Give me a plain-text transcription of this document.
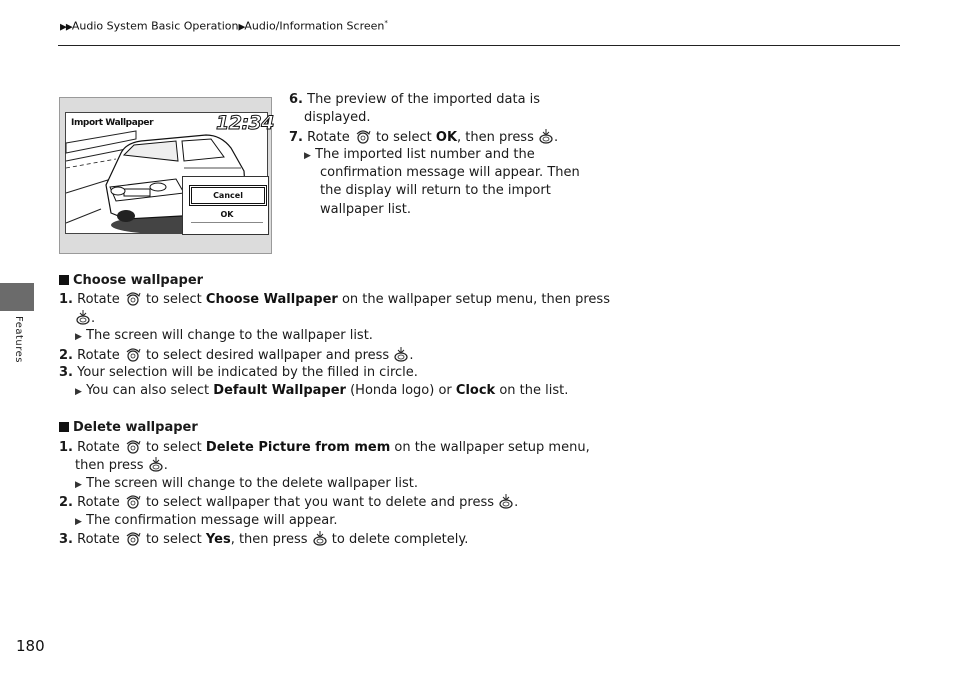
▶▶Audio System Basic Operation▶Audio/Information Screen*
Features
180
Import Wallpaper	12:34
Cancel
OK
6. The preview of the imported data is
displayed.
7. Rotate  to select OK, then press .
▶ The imported list number and the
confirmation message will appear. Then
the display will return to the import
wallpaper list.
Choose wallpaper
1. Rotate  to select Choose Wallpaper on the wallpaper setup menu, then press
.
▶ The screen will change to the wallpaper list.
2. Rotate  to select desired wallpaper and press .
3. Your selection will be indicated by the filled in circle.
▶ You can also select Default Wallpaper (Honda logo) or Clock on the list.
Delete wallpaper
1. Rotate  to select Delete Picture from mem on the wallpaper setup menu,
then press .
▶ The screen will change to the delete wallpaper list.
2. Rotate  to select wallpaper that you want to delete and press .
▶ The confirmation message will appear.
3. Rotate  to select Yes, then press  to delete completely.
